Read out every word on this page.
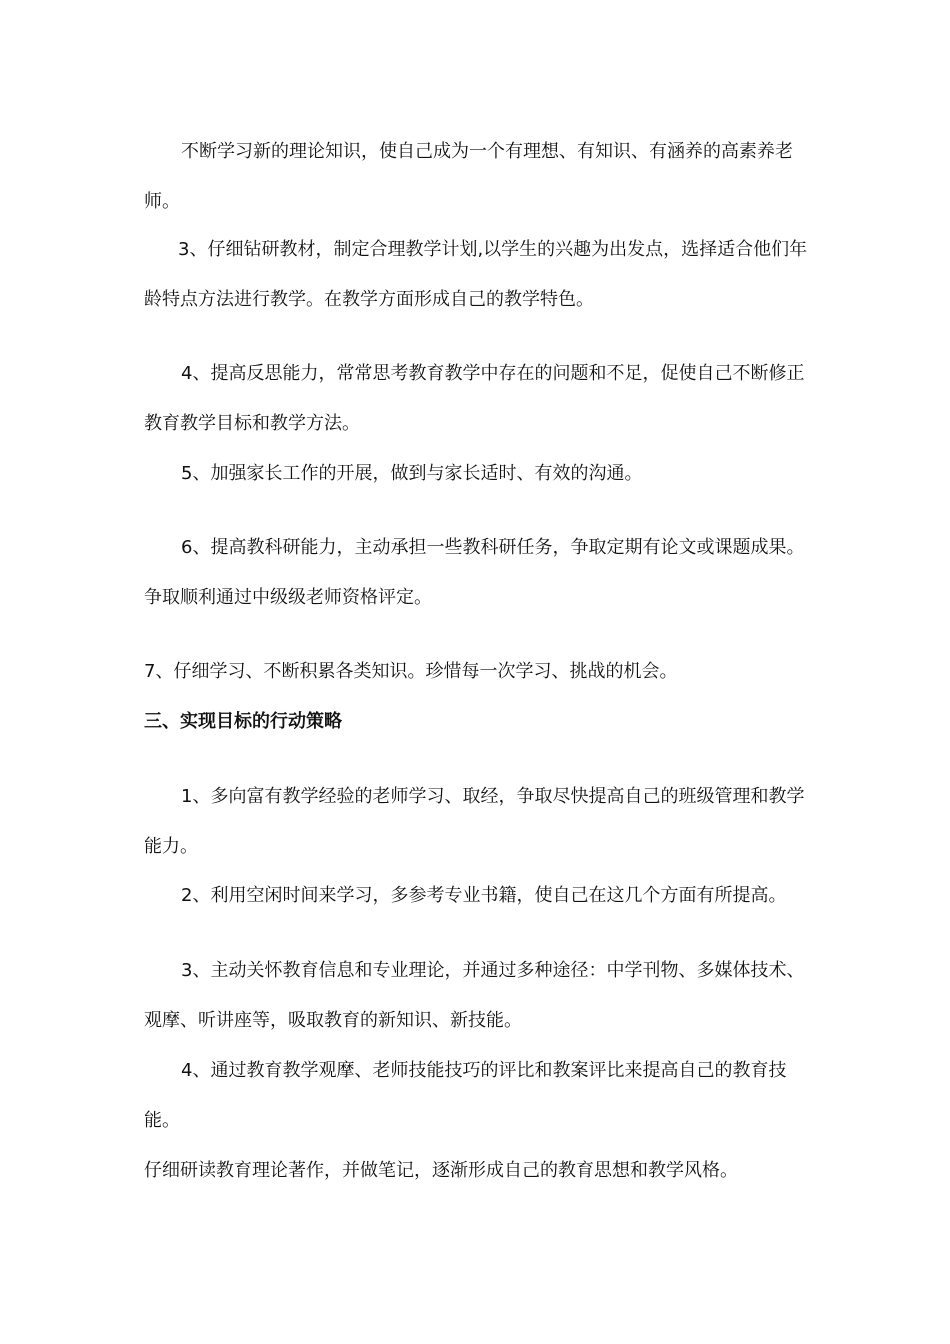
不断学习新的理论知识，使自己成为一个有理想、有知识、有涵养的高素养老师。

3、仔细钻研教材，制定合理教学计划,以学生的兴趣为出发点，选择适合他们年龄特点方法进行教学。在教学方面形成自己的教学特色。

4、提高反思能力，常常思考教育教学中存在的问题和不足，促使自己不断修正教育教学目标和教学方法。

5、加强家长工作的开展，做到与家长适时、有效的沟通。

6、提高教科研能力，主动承担一些教科研任务，争取定期有论文或课题成果。争取顺利通过中级级老师资格评定。

7、仔细学习、不断积累各类知识。珍惜每一次学习、挑战的机会。

三、实现目标的行动策略

1、多向富有教学经验的老师学习、取经，争取尽快提高自己的班级管理和教学能力。

2、利用空闲时间来学习，多参考专业书籍，使自己在这几个方面有所提高。

3、主动关怀教育信息和专业理论，并通过多种途径：中学刊物、多媒体技术、观摩、听讲座等，吸取教育的新知识、新技能。

4、通过教育教学观摩、老师技能技巧的评比和教案评比来提高自己的教育技能。

仔细研读教育理论著作，并做笔记，逐渐形成自己的教育思想和教学风格。
